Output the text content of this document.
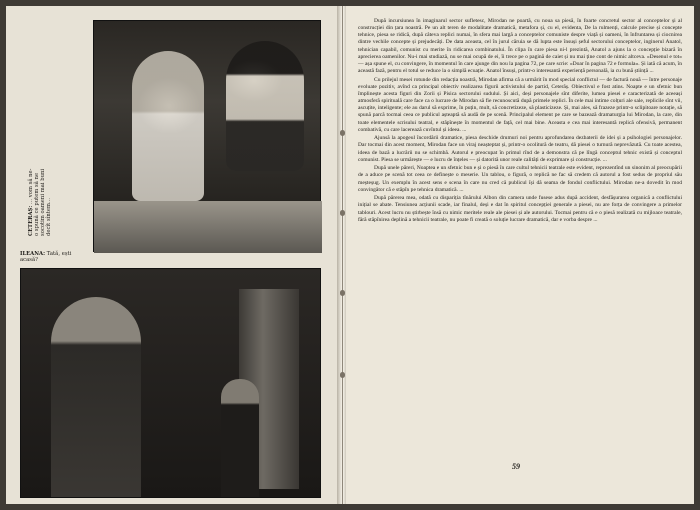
CETERAȘ: ... vom să ne-o spună ce putem să ne socotim oameni mai buni decît sîntem...
ILEANA: Tată, ești acasă?

După incursiunea în imaginarul sector sufletesc, Mirodan ne poartă, cu noua sa piesă, în foarte concretul sector al conceptelor și al construcției din țara noastră. Pe un alt teren de modalitate dramatică, metafora și, cu el, evidenta, De la rulmenți, calcule precise și concepte tehnice, piesa se ridică, după câteva replici numai, în sfera mai largă a conceptelor comuniste despre viață și oameni, în înfruntarea și ciocnirea dintre vechile concepte și prejudecăți. De data aceasta, cel în jurul căruia se dă lupta este însuși șeful sectorului conceptelor, inginerul Anatol, tehnician capabil, comunist cu merite în ridicarea combinatului. În clipa în care piesa ni-l prezintă, Anatol a ajuns la o concepție bizară în aprecierea oamenilor. Nu-i mai studiază, nu se mai ocupă de ei, îi trece pe o pagină de caiet și nu mai ține cont de nimic altceva. «Desenul e tot» — așa spune el, cu convingere, în momentul în care ajunge din nou la pagina 72, pe care scrie: «Doar în pagina 72 e formula». Și iată că acum, în această fază, pentru el totul se reduce la o simplă ecuație. Anatol însuși, printr-o interesantă experiență personală, ia cu bună știință ...

Cu prilejul mesei rotunde din redacția noastră, Mirodan afirma că a urmărit în mod special conflictul — de factură nouă — între personaje evoluate pozitiv, avînd ca principal obiectiv realizarea figurii activistului de partid, Ceterăș. Obiectivul e fost atins. Noapte e un sfetnic bun împlinește acesta figuri din Zorii și Pisica sectorului sudului. Și aici, deși personajele sînt diferite, lumea piesei e caracterizată de aceeași atmosferă spirituală care face ca o lucrare de Mirodan să fie recunoscută după primele replici. În cele mai intime colțuri ale sale, replicile sînt vii, ascuțite, inteligente; ele au darul să exprime, în puțin, mult, să concretizeze, să plasticizeze. Și, mai ales, să frazeze printr-o sclipitoare notație, să spună parcă tocmai ceea ce publicul așteaptă să audă de pe scenă. Principalul element pe care se bazează dramaturgia lui Mirodan, la care, din toate elementele scrisului teatral, e stăpînește în momentul de față, cel mai bine. Aceasta e cea mai interesantă replică ofensivă, permanent combativă, cu care lacerează cuvîntul și ideea. ...

Ajunsă la apogeul încordării dramatice, piesa deschide drumuri noi pentru aprofundarea dezbaterii de idei și a psihologiei personajelor. Dar tocmai din acest moment, Mirodan face un viraj neașteptat și, printr-o ocolitură de teatru, dă piesei o turnură neprevăzută. Cu toate acestea, ideea de bază a lucrării nu se schimbă. Autorul e preocupat în primul rînd de a demonstra că pe lîngă conceptul tehnic există și conceptul comunist. Piesa se urmărește — e lucru de înțeles — și datorită unor reale calități de exprimare și construcție. ...

După unele păreri, Noaptea e un sfetnic bun e și o piesă în care cultul tehnicii teatrale este evident, reprezentînd un sinonim al preocupării de a aduce pe scenă tot ceea ce definește o meserie. Un tablou, o figură, o replică ne fac să credem că autorul a fost sedus de propriul său meșteșug. Un exemplu în acest sens e scena în care nu cred că publicul își dă seama de fondul conflictului. Mirodan ne-a dovedit în mod convingător că e stăpîn pe tehnica dramatică. ...

După părerea mea, odată cu dispariția tînărului Albon din camera unde fusese adus după accident, desfășurarea organică a conflictului inițial se abate. Tensiunea acțiunii scade, iar finalul, deși e dat în spiritul concepției generale a piesei, nu are forța de convingere a primelor tablouri. Acest lucru nu știrbește însă cu nimic meritele reale ale piesei și ale autorului. Tocmai pentru că e o piesă realizată cu mijloace teatrale, fără stăpînirea deplină a tehnicii teatrale, nu poate fi creată o soluție lucrare dramatică, dar e vorba despre ...

59
